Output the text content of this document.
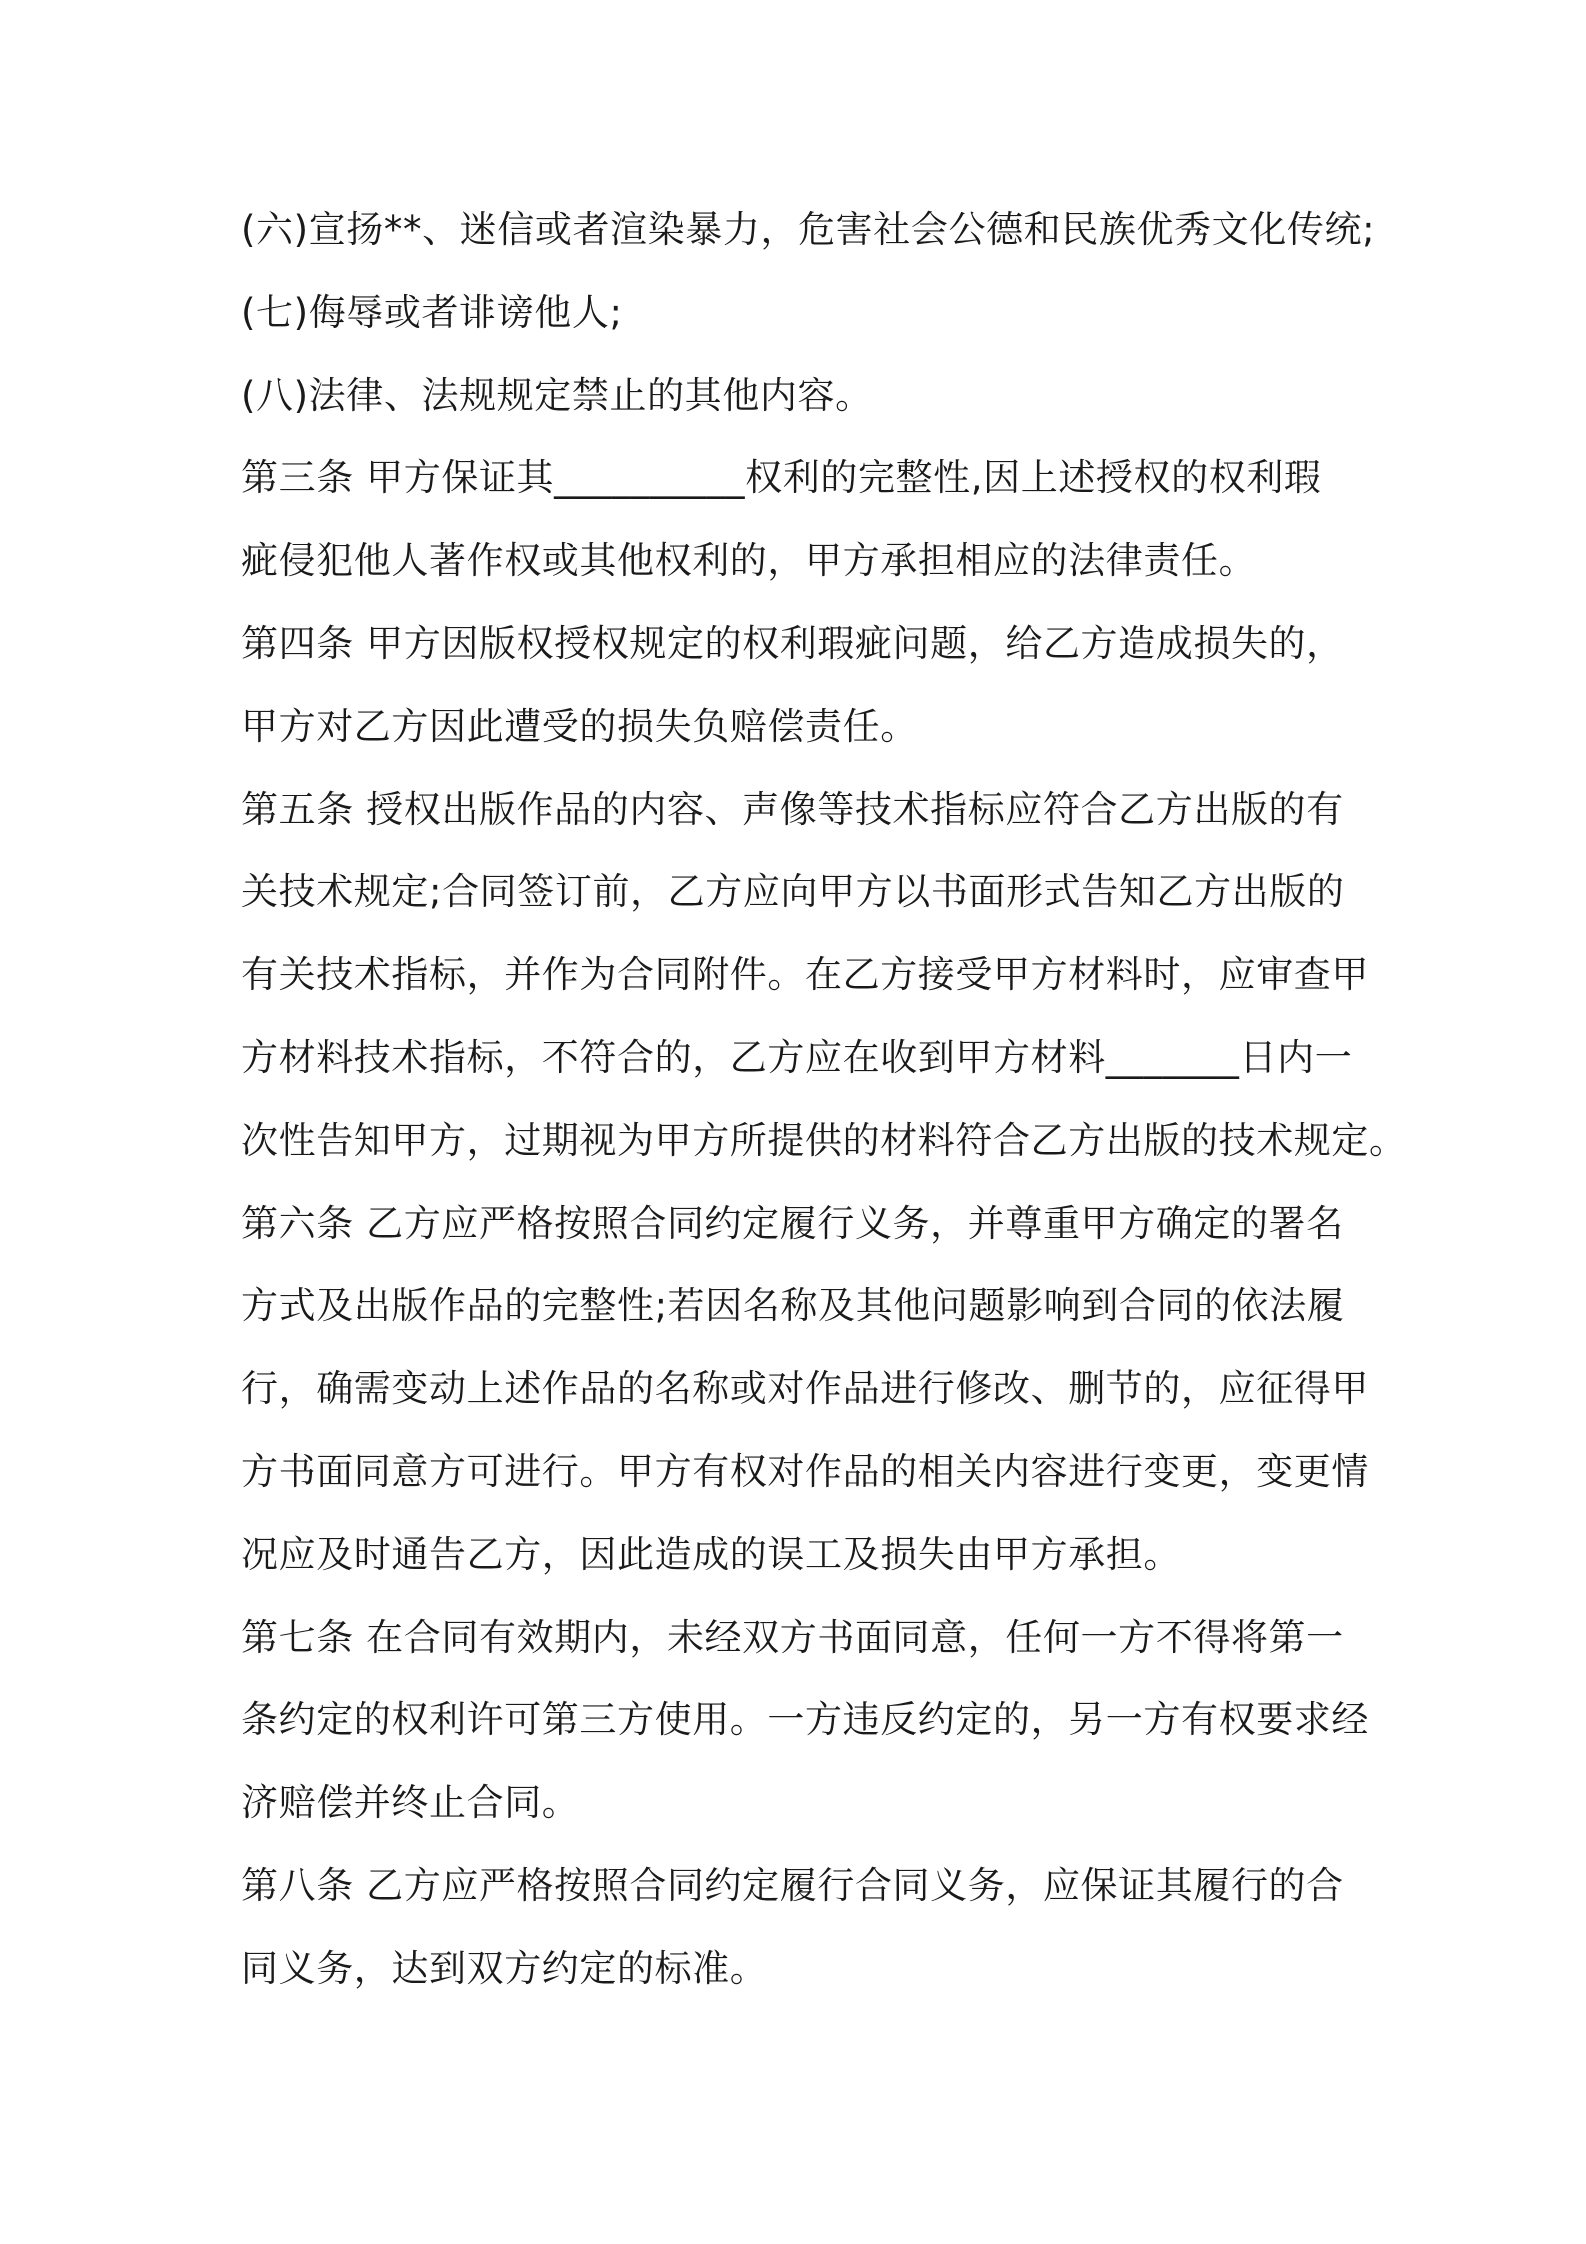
(六)宣扬**、迷信或者渲染暴力，危害社会公德和民族优秀文化传统;
(七)侮辱或者诽谤他人;
(八)法律、法规规定禁止的其他内容。
第三条 甲方保证其__________权利的完整性,因上述授权的权利瑕
疵侵犯他人著作权或其他权利的，甲方承担相应的法律责任。
第四条 甲方因版权授权规定的权利瑕疵问题，给乙方造成损失的，
甲方对乙方因此遭受的损失负赔偿责任。
第五条 授权出版作品的内容、声像等技术指标应符合乙方出版的有
关技术规定;合同签订前，乙方应向甲方以书面形式告知乙方出版的
有关技术指标，并作为合同附件。在乙方接受甲方材料时，应审查甲
方材料技术指标，不符合的，乙方应在收到甲方材料_______日内一
次性告知甲方，过期视为甲方所提供的材料符合乙方出版的技术规定。
第六条 乙方应严格按照合同约定履行义务，并尊重甲方确定的署名
方式及出版作品的完整性;若因名称及其他问题影响到合同的依法履
行，确需变动上述作品的名称或对作品进行修改、删节的，应征得甲
方书面同意方可进行。甲方有权对作品的相关内容进行变更，变更情
况应及时通告乙方，因此造成的误工及损失由甲方承担。
第七条 在合同有效期内，未经双方书面同意，任何一方不得将第一
条约定的权利许可第三方使用。一方违反约定的，另一方有权要求经
济赔偿并终止合同。
第八条 乙方应严格按照合同约定履行合同义务，应保证其履行的合
同义务，达到双方约定的标准。
